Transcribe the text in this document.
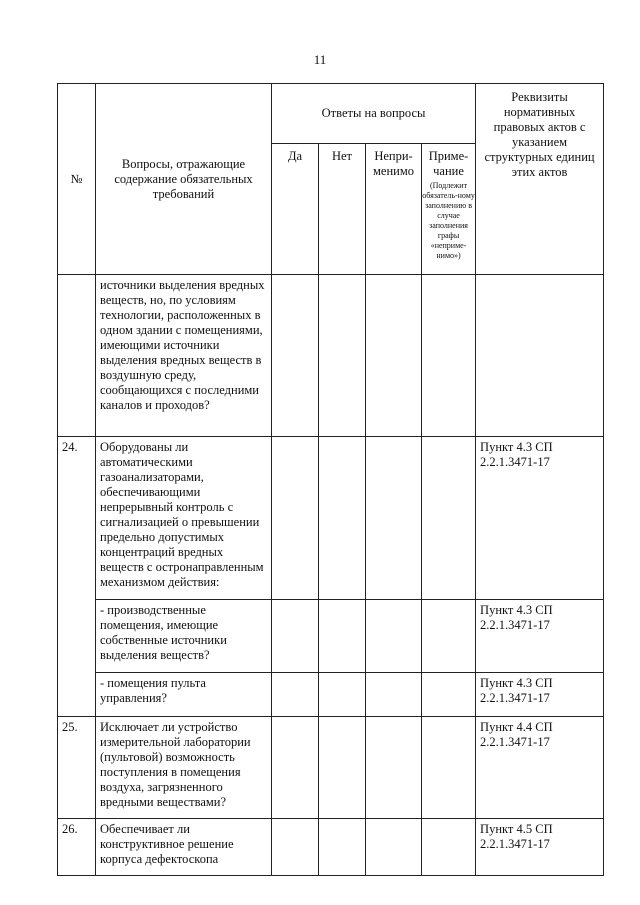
11
№	Вопросы, отражающие содержание обязательных требований	Ответы на вопросы				Реквизиты нормативных правовых актов с указанием структурных единиц этих актов
		Да	Нет	Непри-менимо	Приме-чание
(Подлежит обязатель-ному заполнению в случае заполнения графы «неприме-нимо»)	

	источники выделения вредных веществ, но, по условиям технологии, расположенных в одном здании с помещениями, имеющими источники выделения вредных веществ в воздушную среду, сообщающихся с последними каналов и проходов?					
24.	Оборудованы ли автоматическими газоанализаторами, обеспечивающими непрерывный контроль с сигнализацией о превышении предельно допустимых концентраций вредных веществ с остронаправленным механизмом действия:					Пункт 4.3 СП 2.2.1.3471-17
	- производственные помещения, имеющие собственные источники выделения веществ?					Пункт 4.3 СП 2.2.1.3471-17
	- помещения пульта управления?					Пункт 4.3 СП 2.2.1.3471-17
25.	Исключает ли устройство измерительной лаборатории (пультовой) возможность поступления в помещения воздуха, загрязненного вредными веществами?					Пункт 4.4 СП 2.2.1.3471-17
26.	Обеспечивает ли конструктивное решение корпуса дефектоскопа					Пункт 4.5 СП 2.2.1.3471-17
